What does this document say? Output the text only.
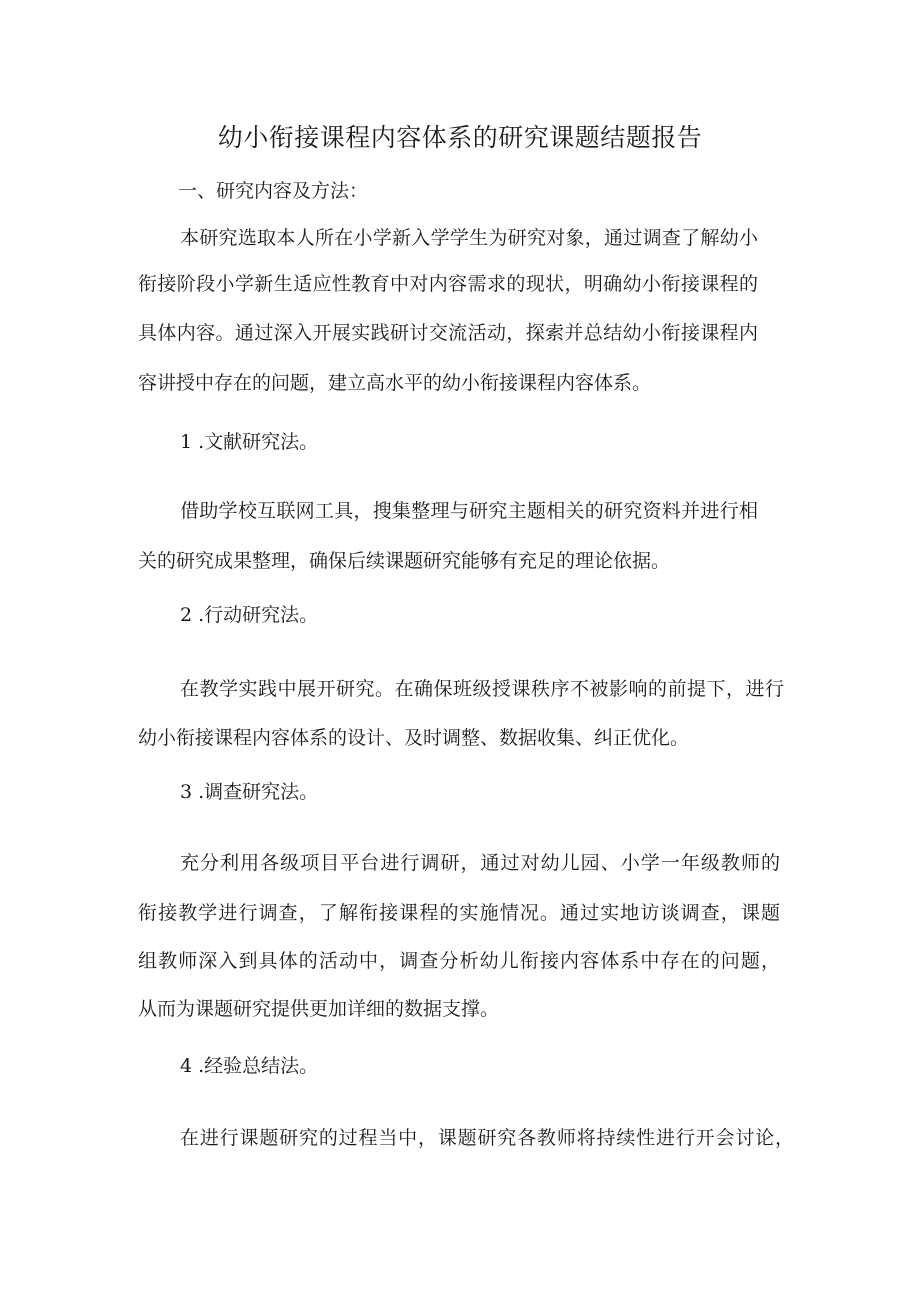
幼小衔接课程内容体系的研究课题结题报告
一、研究内容及方法：
本研究选取本人所在小学新入学学生为研究对象，通过调查了解幼小
衔接阶段小学新生适应性教育中对内容需求的现状，明确幼小衔接课程的
具体内容。通过深入开展实践研讨交流活动，探索并总结幼小衔接课程内
容讲授中存在的问题，建立高水平的幼小衔接课程内容体系。
1 .文献研究法。
借助学校互联网工具，搜集整理与研究主题相关的研究资料并进行相
关的研究成果整理，确保后续课题研究能够有充足的理论依据。
2 .行动研究法。
在教学实践中展开研究。在确保班级授课秩序不被影响的前提下，进行
幼小衔接课程内容体系的设计、及时调整、数据收集、纠正优化。
3 .调查研究法。
充分利用各级项目平台进行调研，通过对幼儿园、小学一年级教师的
衔接教学进行调查，了解衔接课程的实施情况。通过实地访谈调查，课题
组教师深入到具体的活动中，调查分析幼儿衔接内容体系中存在的问题，
从而为课题研究提供更加详细的数据支撑。
4 .经验总结法。
在进行课题研究的过程当中，课题研究各教师将持续性进行开会讨论，
